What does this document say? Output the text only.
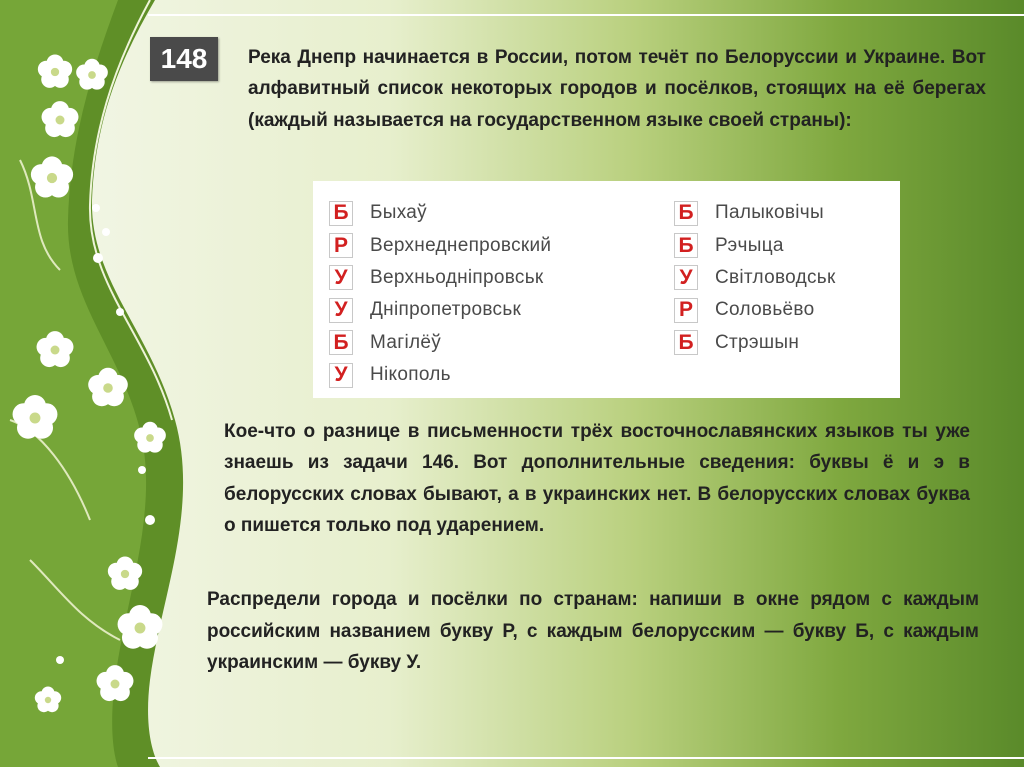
148	Река Днепр начинается в России, потом течёт по Белоруссии и Украине. Вот алфавитный список некоторых городов и посёлков, стоящих на её берегах (каждый называется на государственном языке своей страны):
Б Быхаў
Р Верхнеднепровский
У Верхньодніпровськ
У Дніпропетровськ
Б Магілёў
У Нікополь
Б Палыковічы
Б Рэчыца
У Світловодськ
Р Соловьёво
Б Стрэшын
Кое-что о разнице в письменности трёх восточнославянских языков ты уже знаешь из задачи 146. Вот дополнительные сведения: буквы ё и э в белорусских словах бывают, а в украинских нет. В белорусских словах буква о пишется только под ударением.
Распредели города и посёлки по странам: напиши в окне рядом с каждым российским названием букву Р, с каждым белорусским — букву Б, с каждым украинским — букву У.
